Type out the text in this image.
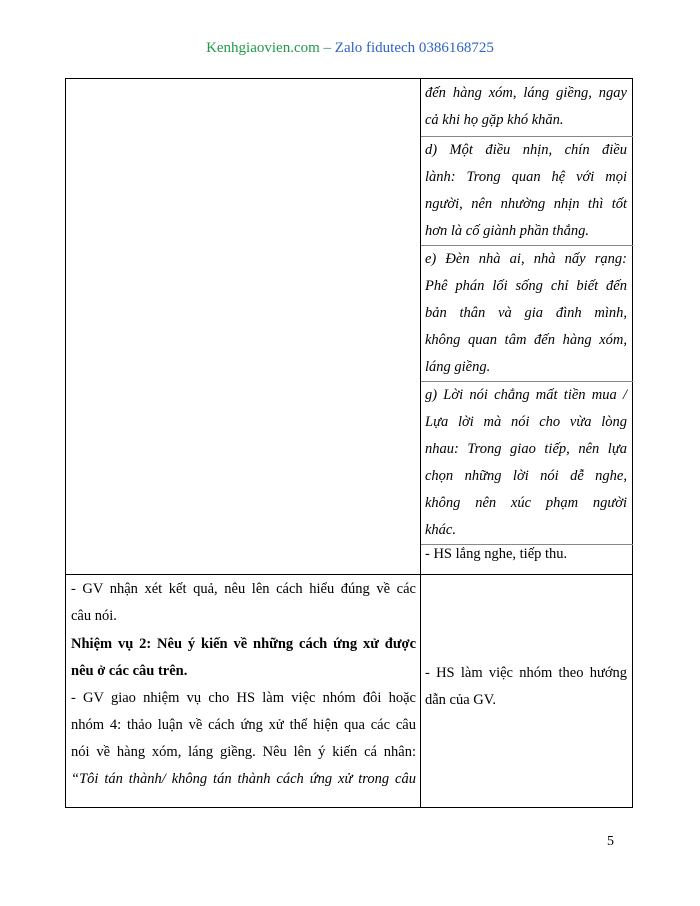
Kenhgiaovien.com – Zalo fidutech 0386168725
đến hàng xóm, láng giềng, ngay
cả khi họ gặp khó khăn.
d) Một điều nhịn, chín điều
lành: Trong quan hệ với mọi
người, nên nhường nhịn thì tốt
hơn là cố giành phần thắng.
e) Đèn nhà ai, nhà nấy rạng:
Phê phán lối sống chỉ biết đến
bản thân và gia đình mình,
không quan tâm đến hàng xóm,
láng giềng.
g) Lời nói chẳng mất tiền mua /
Lựa lời mà nói cho vừa lòng
nhau: Trong giao tiếp, nên lựa
chọn những lời nói dễ nghe,
không nên xúc phạm người
khác.
- HS lắng nghe, tiếp thu.
- GV nhận xét kết quả, nêu lên cách hiểu đúng về các
câu nói.
Nhiệm vụ 2: Nêu ý kiến về những cách ứng xử được
nêu ở các câu trên.
- GV giao nhiệm vụ cho HS làm việc nhóm đôi hoặc
nhóm 4: thảo luận về cách ứng xử thể hiện qua các câu
nói về hàng xóm, láng giềng. Nêu lên ý kiến cá nhân:
“Tôi tán thành/ không tán thành cách ứng xử trong câu
- HS làm việc nhóm theo hướng
dẫn của GV.
5
